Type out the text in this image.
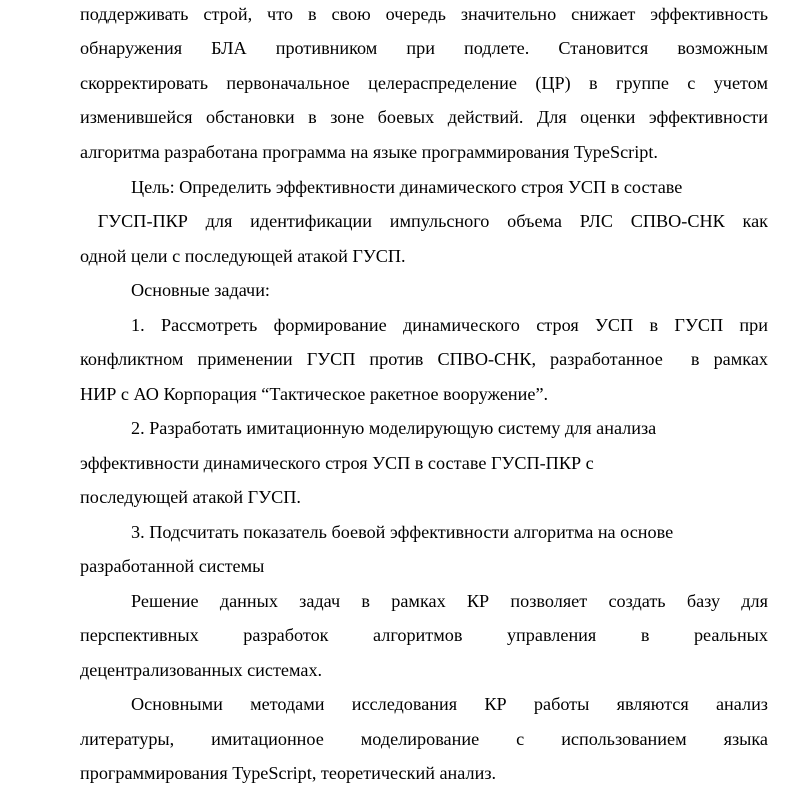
поддерживать строй, что в свою очередь значительно снижает эффективность
обнаружения БЛА противником при подлете. Становится возможным
скорректировать первоначальное целераспределение (ЦР) в группе с учетом
изменившейся обстановки в зоне боевых действий. Для оценки эффективности
алгоритма разработана программа на языке программирования TypeScript.
Цель: Определить эффективности динамического строя УСП в составе
ГУСП-ПКР для идентификации импульсного объема РЛС СПВО-СНК как
одной цели с последующей атакой ГУСП.
Основные задачи:
1. Рассмотреть формирование динамического строя УСП в ГУСП при
конфликтном применении ГУСП против СПВО-СНК, разработанное  в рамках
НИР с АО Корпорация “Тактическое ракетное вооружение”.
2. Разработать имитационную моделирующую систему для анализа
эффективности динамического строя УСП в составе ГУСП-ПКР с
последующей атакой ГУСП.
3. Подсчитать показатель боевой эффективности алгоритма на основе
разработанной системы
Решение данных задач в рамках КР позволяет создать базу для
перспективных разработок алгоритмов управления в реальных
децентрализованных системах.
Основными методами исследования КР работы являются анализ
литературы, имитационное моделирование с использованием языка
программирования TypeScript, теоретический анализ.
